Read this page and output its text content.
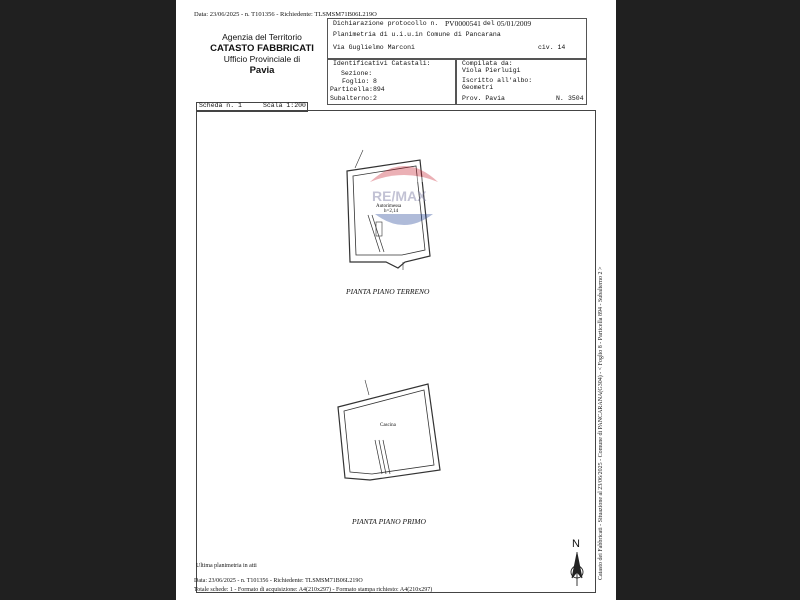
Data: 23/06/2025 - n. T101356 - Richiedente: TLSMSM71B06L219O
Agenzia del Territorio
CATASTO FABBRICATI
Ufficio Provinciale di
Pavia
Dichiarazione protocollo n. PV0000541 del 05/01/2009
Planimetria di u.i.u.in Comune di Pancarana
Via Guglielmo Marconi	civ. 14
Identificativi Catastali:
Sezione:
Foglio: 8
Particella: 894
Subalterno: 2
Compilata da:
Viola Pierluigi
Iscritto all'albo:
Geometri
Prov. Pavia	N. 3504
Scheda n. 1	Scala 1:200
RE/MAX
Autorimessa
h=2,14
PIANTA PIANO TERRENO
Cascina
PIANTA PIANO PRIMO
N
Ultima planimetria in atti
Data: 23/06/2025 - n. T101356 - Richiedente: TLSMSM71B06L219O
Totale schede: 1 - Formato di acquisizione: A4(210x297) - Formato stampa richiesto: A4(210x297)
Catasto dei Fabbricati - Situazione al 23/06/2025 - Comune di PANCARANA(G304) - < Foglio 8 - Particella 894 - Subalterno 2 >
